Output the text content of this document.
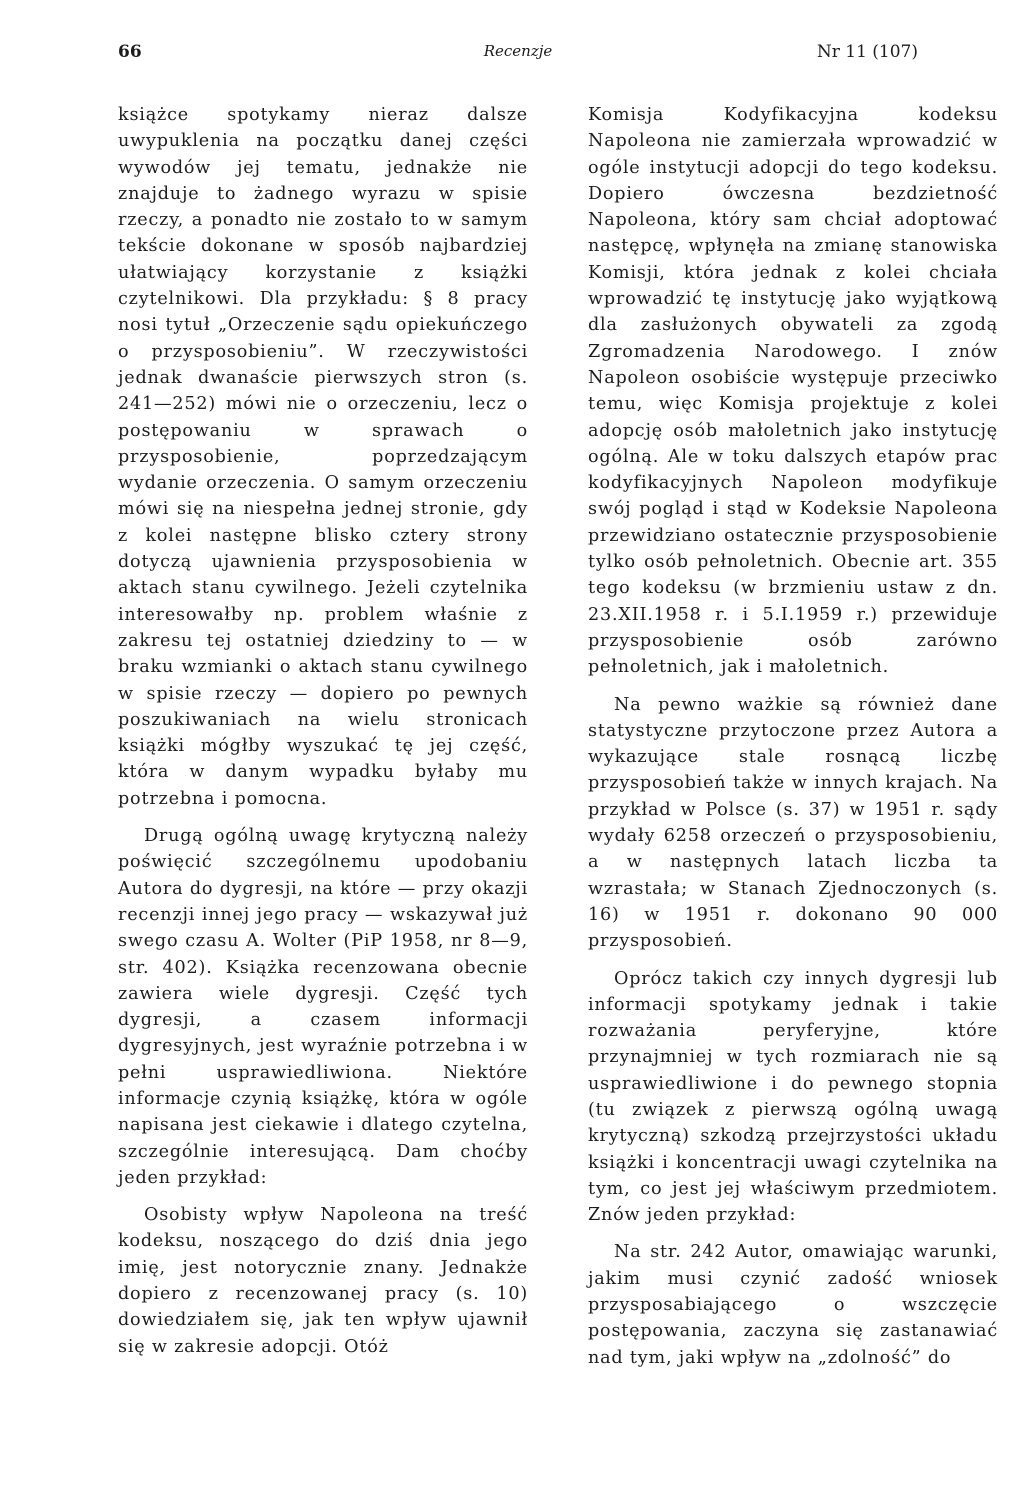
66	Recenzje	Nr 11 (107)

książce spotykamy nieraz dalsze uwypuklenia na początku danej części wywodów jej tematu, jednakże nie znajduje to żadnego wyrazu w spisie rzeczy, a ponadto nie zostało to w samym tekście dokonane w sposób najbardziej ułatwiający korzystanie z książki czytelnikowi. Dla przykładu: § 8 pracy nosi tytuł „Orzeczenie sądu opiekuńczego o przysposobieniu”. W rzeczywistości jednak dwanaście pierwszych stron (s. 241—252) mówi nie o orzeczeniu, lecz o postępowaniu w sprawach o przysposobienie, poprzedzającym wydanie orzeczenia. O samym orzeczeniu mówi się na niespełna jednej stronie, gdy z kolei następne blisko cztery strony dotyczą ujawnienia przysposobienia w aktach stanu cywilnego. Jeżeli czytelnika interesowałby np. problem właśnie z zakresu tej ostatniej dziedziny to — w braku wzmianki o aktach stanu cywilnego w spisie rzeczy — dopiero po pewnych poszukiwaniach na wielu stronicach książki mógłby wyszukać tę jej część, która w danym wypadku byłaby mu potrzebna i pomocna.

Drugą ogólną uwagę krytyczną należy poświęcić szczególnemu upodobaniu Autora do dygresji, na które — przy okazji recenzji innej jego pracy — wskazywał już swego czasu A. Wolter (PiP 1958, nr 8—9, str. 402). Książka recenzowana obecnie zawiera wiele dygresji. Część tych dygresji, a czasem informacji dygresyjnych, jest wyraźnie potrzebna i w pełni usprawiedliwiona. Niektóre informacje czynią książkę, która w ogóle napisana jest ciekawie i dlatego czytelna, szczególnie interesującą. Dam choćby jeden przykład:

Osobisty wpływ Napoleona na treść kodeksu, noszącego do dziś dnia jego imię, jest notorycznie znany. Jednakże dopiero z recenzowanej pracy (s. 10) dowiedziałem się, jak ten wpływ ujawnił się w zakresie adopcji. Otóż

Komisja Kodyfikacyjna kodeksu Napoleona nie zamierzała wprowadzić w ogóle instytucji adopcji do tego kodeksu. Dopiero ówczesna bezdzietność Napoleona, który sam chciał adoptować następcę, wpłynęła na zmianę stanowiska Komisji, która jednak z kolei chciała wprowadzić tę instytucję jako wyjątkową dla zasłużonych obywateli za zgodą Zgromadzenia Narodowego. I znów Napoleon osobiście występuje przeciwko temu, więc Komisja projektuje z kolei adopcję osób małoletnich jako instytucję ogólną. Ale w toku dalszych etapów prac kodyfikacyjnych Napoleon modyfikuje swój pogląd i stąd w Kodeksie Napoleona przewidziano ostatecznie przysposobienie tylko osób pełnoletnich. Obecnie art. 355 tego kodeksu (w brzmieniu ustaw z dn. 23.XII.1958 r. i 5.I.1959 r.) przewiduje przysposobienie osób zarówno pełnoletnich, jak i małoletnich.

Na pewno ważkie są również dane statystyczne przytoczone przez Autora a wykazujące stale rosnącą liczbę przysposobień także w innych krajach. Na przykład w Polsce (s. 37) w 1951 r. sądy wydały 6258 orzeczeń o przysposobieniu, a w następnych latach liczba ta wzrastała; w Stanach Zjednoczonych (s. 16) w 1951 r. dokonano 90 000 przysposobień.

Oprócz takich czy innych dygresji lub informacji spotykamy jednak i takie rozważania peryferyjne, które przynajmniej w tych rozmiarach nie są usprawiedliwione i do pewnego stopnia (tu związek z pierwszą ogólną uwagą krytyczną) szkodzą przejrzystości układu książki i koncentracji uwagi czytelnika na tym, co jest jej właściwym przedmiotem. Znów jeden przykład:

Na str. 242 Autor, omawiając warunki, jakim musi czynić zadość wniosek przysposabiającego o wszczęcie postępowania, zaczyna się zastanawiać nad tym, jaki wpływ na „zdolność” do
